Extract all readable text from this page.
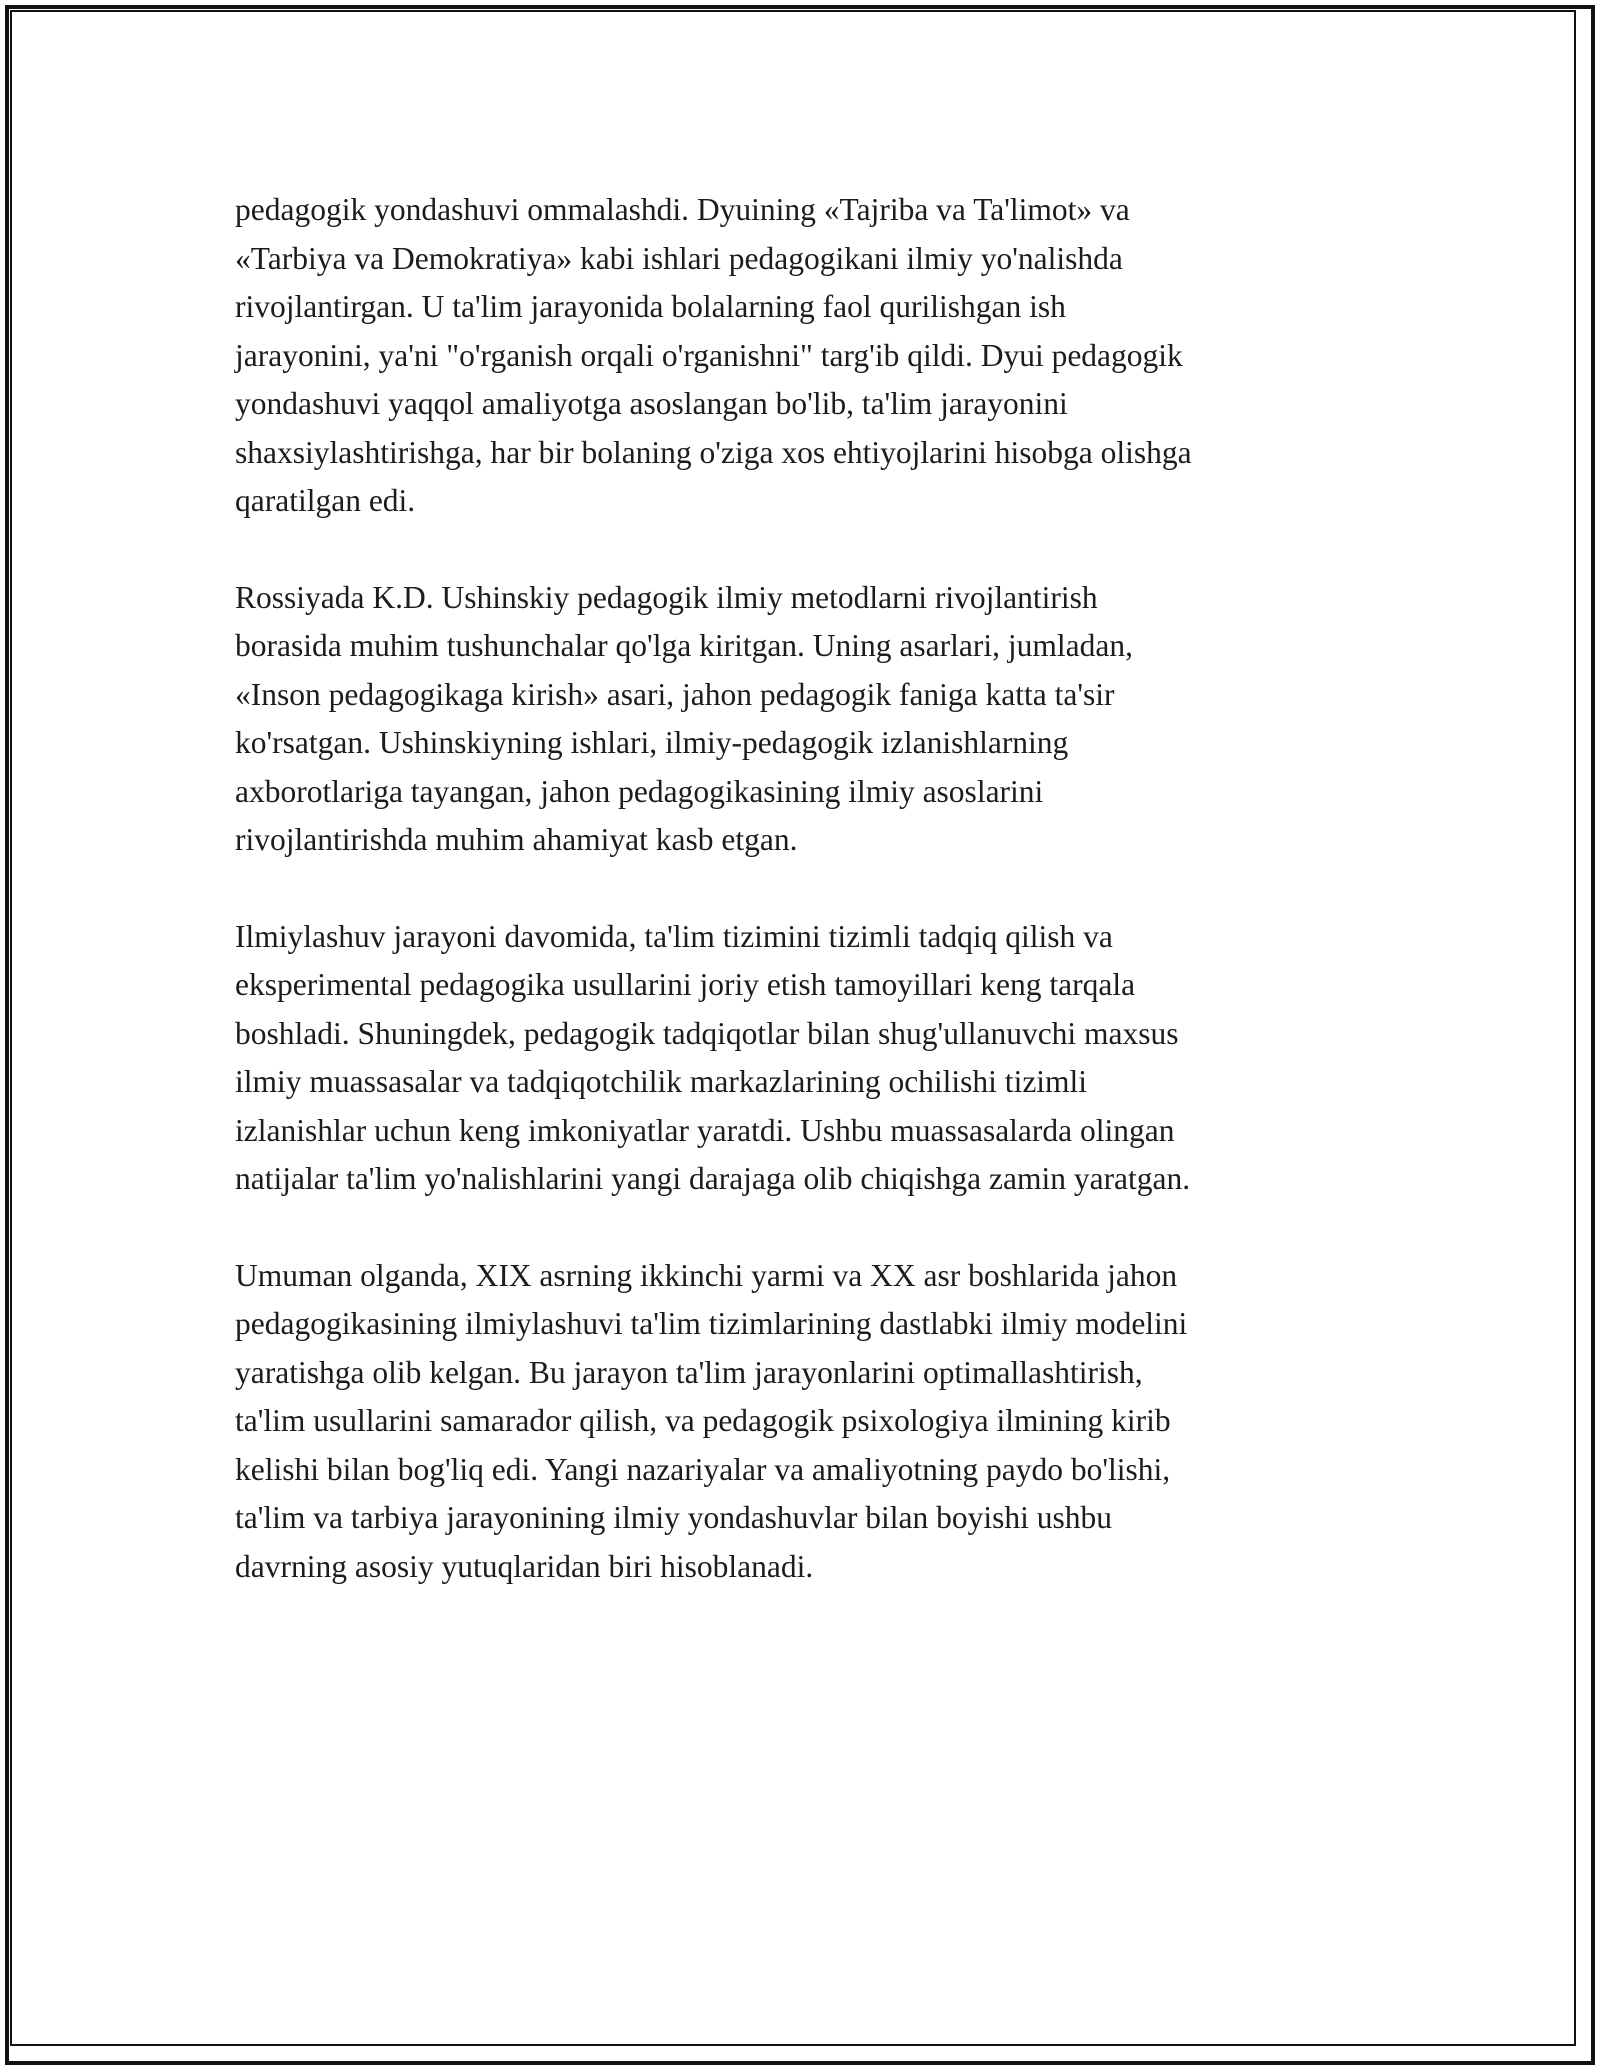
pedagogik yondashuvi ommalashdi. Dyuining «Tajriba va Ta'limot» va
«Tarbiya va Demokratiya» kabi ishlari pedagogikani ilmiy yo'nalishda
rivojlantirgan. U ta'lim jarayonida bolalarning faol qurilishgan ish
jarayonini, ya'ni "o'rganish orqali o'rganishni" targ'ib qildi. Dyui pedagogik
yondashuvi yaqqol amaliyotga asoslangan bo'lib, ta'lim jarayonini
shaxsiylashtirishga, har bir bolaning o'ziga xos ehtiyojlarini hisobga olishga
qaratilgan edi.

Rossiyada K.D. Ushinskiy pedagogik ilmiy metodlarni rivojlantirish
borasida muhim tushunchalar qo'lga kiritgan. Uning asarlari, jumladan,
«Inson pedagogikaga kirish» asari, jahon pedagogik faniga katta ta'sir
ko'rsatgan. Ushinskiyning ishlari, ilmiy-pedagogik izlanishlarning
axborotlariga tayangan, jahon pedagogikasining ilmiy asoslarini
rivojlantirishda muhim ahamiyat kasb etgan.

Ilmiylashuv jarayoni davomida, ta'lim tizimini tizimli tadqiq qilish va
eksperimental pedagogika usullarini joriy etish tamoyillari keng tarqala
boshladi. Shuningdek, pedagogik tadqiqotlar bilan shug'ullanuvchi maxsus
ilmiy muassasalar va tadqiqotchilik markazlarining ochilishi tizimli
izlanishlar uchun keng imkoniyatlar yaratdi. Ushbu muassasalarda olingan
natijalar ta'lim yo'nalishlarini yangi darajaga olib chiqishga zamin yaratgan.

Umuman olganda, XIX asrning ikkinchi yarmi va XX asr boshlarida jahon
pedagogikasining ilmiylashuvi ta'lim tizimlarining dastlabki ilmiy modelini
yaratishga olib kelgan. Bu jarayon ta'lim jarayonlarini optimallashtirish,
ta'lim usullarini samarador qilish, va pedagogik psixologiya ilmining kirib
kelishi bilan bog'liq edi. Yangi nazariyalar va amaliyotning paydo bo'lishi,
ta'lim va tarbiya jarayonining ilmiy yondashuvlar bilan boyishi ushbu
davrning asosiy yutuqlaridan biri hisoblanadi.
